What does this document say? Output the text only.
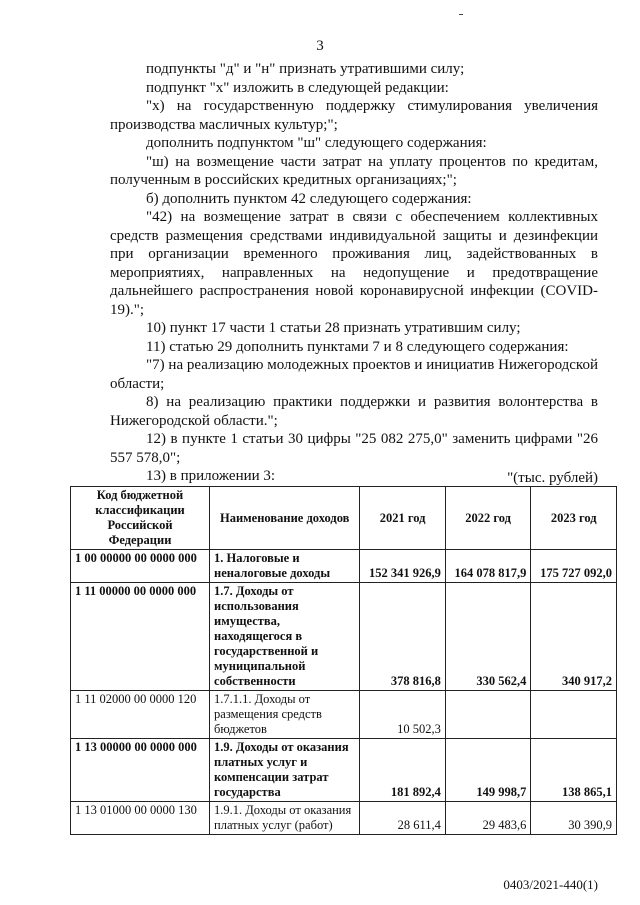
3

подпункты "д" и "н" признать утратившими силу;

подпункт "х" изложить в следующей редакции:

"х) на государственную поддержку стимулирования увеличения производства масличных культур;";

дополнить подпунктом "ш" следующего содержания:

"ш) на возмещение части затрат на уплату процентов по кредитам, полученным в российских кредитных организациях;";

б) дополнить пунктом 42 следующего содержания:

"42) на возмещение затрат в связи с обеспечением коллективных средств размещения средствами индивидуальной защиты и дезинфекции при организации временного проживания лиц, задействованных в мероприятиях, направленных на недопущение и предотвращение дальнейшего распространения новой коронавирусной инфекции (COVID-19).";

10) пункт 17 части 1 статьи 28 признать утратившим силу;

11) статью 29 дополнить пунктами 7 и 8 следующего содержания:

"7) на реализацию молодежных проектов и инициатив Нижегородской области;

8) на реализацию практики поддержки и развития волонтерства в Нижегородской области.";

12) в пункте 1 статьи 30 цифры "25 082 275,0" заменить цифрами "26 557 578,0";

13) в приложении 3:	"(тыс. рублей)
Код бюджетной классификации Российской Федерации	Наименование доходов	2021 год	2022 год	2023 год
1 00 00000 00 0000 000	1. Налоговые и неналоговые доходы	152 341 926,9	164 078 817,9	175 727 092,0
1 11 00000 00 0000 000	1.7. Доходы от использования имущества, находящегося в государственной и муниципальной собственности	378 816,8	330 562,4	340 917,2
1 11 02000 00 0000 120	1.7.1.1. Доходы от размещения средств бюджетов	10 502,3		
1 13 00000 00 0000 000	1.9. Доходы от оказания платных услуг и компенсации затрат государства	181 892,4	149 998,7	138 865,1
1 13 01000 00 0000 130	1.9.1. Доходы от оказания платных услуг (работ)	28 611,4	29 483,6	30 390,9
0403/2021-440(1)
